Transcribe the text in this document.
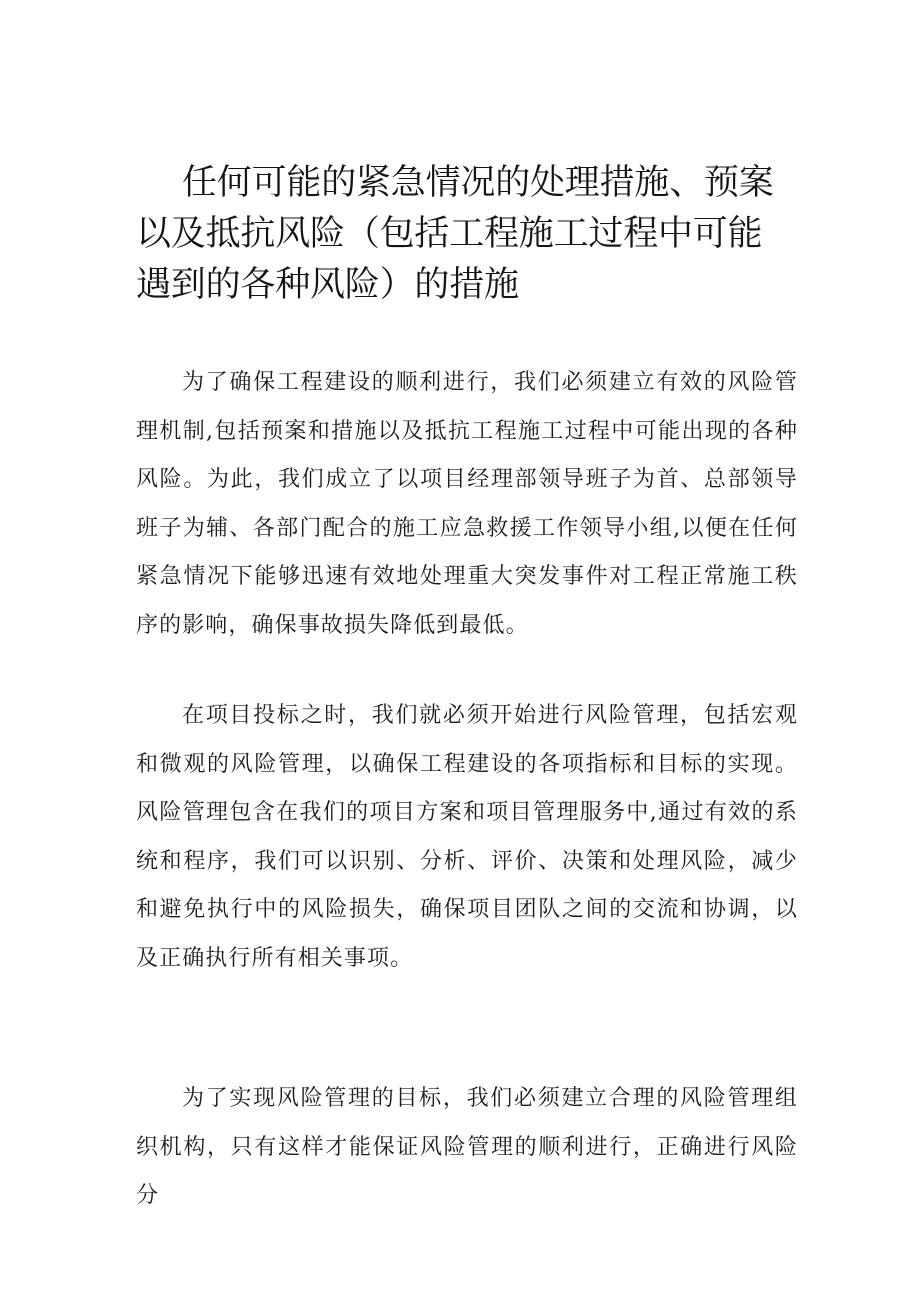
任何可能的紧急情况的处理措施、预案以及抵抗风险（包括工程施工过程中可能遇到的各种风险）的措施

为了确保工程建设的顺利进行，我们必须建立有效的风险管理机制,包括预案和措施以及抵抗工程施工过程中可能出现的各种风险。为此，我们成立了以项目经理部领导班子为首、总部领导班子为辅、各部门配合的施工应急救援工作领导小组,以便在任何紧急情况下能够迅速有效地处理重大突发事件对工程正常施工秩序的影响，确保事故损失降低到最低。

在项目投标之时，我们就必须开始进行风险管理，包括宏观和微观的风险管理，以确保工程建设的各项指标和目标的实现。风险管理包含在我们的项目方案和项目管理服务中,通过有效的系统和程序，我们可以识别、分析、评价、决策和处理风险，减少和避免执行中的风险损失，确保项目团队之间的交流和协调，以及正确执行所有相关事项。

为了实现风险管理的目标，我们必须建立合理的风险管理组织机构，只有这样才能保证风险管理的顺利进行，正确进行风险分
